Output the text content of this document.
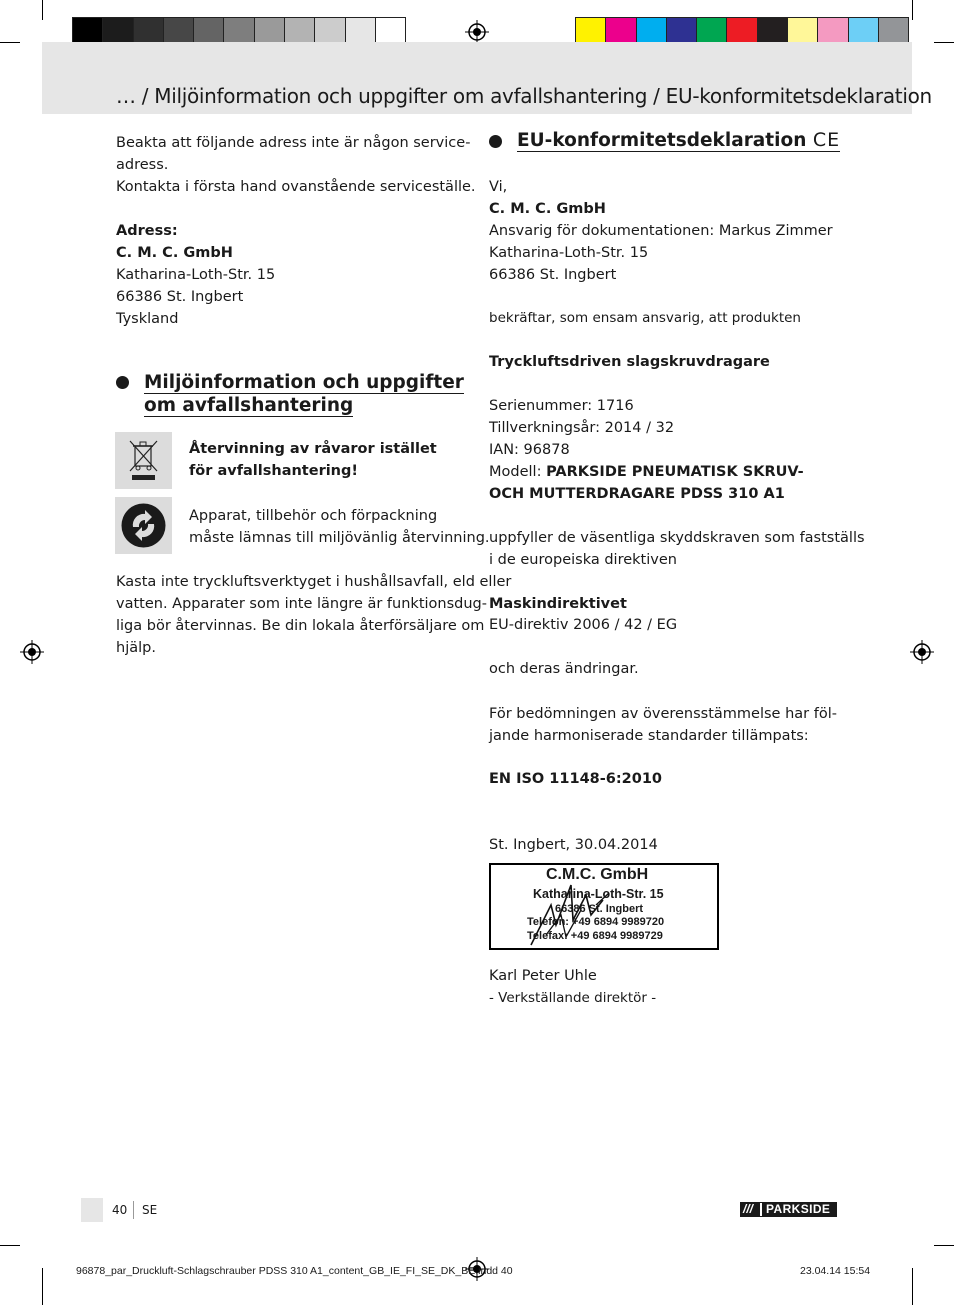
… / Miljöinformation och uppgifter om avfallshantering / EU-konformitetsdeklaration
Beakta att följande adress inte är någon service-
adress.
Kontakta i första hand ovanstående serviceställe.
Adress:
C. M. C. GmbH
Katharina-Loth-Str. 15
66386 St. Ingbert
Tyskland
Miljöinformation och uppgifter
om avfallshantering
Återvinning av råvaror istället
för avfallshantering!
Apparat, tillbehör och förpackning
måste lämnas till miljövänlig återvinning.
Kasta inte tryckluftsverktyget i hushållsavfall, eld eller
vatten. Apparater som inte längre är funktionsdug-
liga bör återvinnas. Be din lokala återförsäljare om
hjälp.
EU-konformitetsdeklaration CE
Vi,
C. M. C. GmbH
Ansvarig för dokumentationen: Markus Zimmer
Katharina-Loth-Str. 15
66386 St. Ingbert
bekräftar, som ensam ansvarig, att produkten
Tryckluftsdriven slagskruvdragare
Serienummer: 1716
Tillverkningsår: 2014 / 32
IAN: 96878
Modell: PARKSIDE PNEUMATISK SKRUV-
OCH MUTTERDRAGARE PDSS 310 A1
uppfyller de väsentliga skyddskraven som fastställs
i de europeiska direktiven
Maskindirektivet
EU-direktiv 2006 / 42 / EG
och deras ändringar.
För bedömningen av överensstämmelse har föl-
jande harmoniserade standarder tillämpats:
EN ISO 11148-6:2010
St. Ingbert, 30.04.2014
C.M.C. GmbH
Katharina-Loth-Str. 15
66386 St. Ingbert
Telefon: +49 6894 9989720
Telefax: +49 6894 9989729
Karl Peter Uhle
- Verkställande direktör -
40 SE	/// PARKSIDE
96878_par_Druckluft-Schlagschrauber PDSS 310 A1_content_GB_IE_FI_SE_DK_BE.indd 40	23.04.14 15:54
